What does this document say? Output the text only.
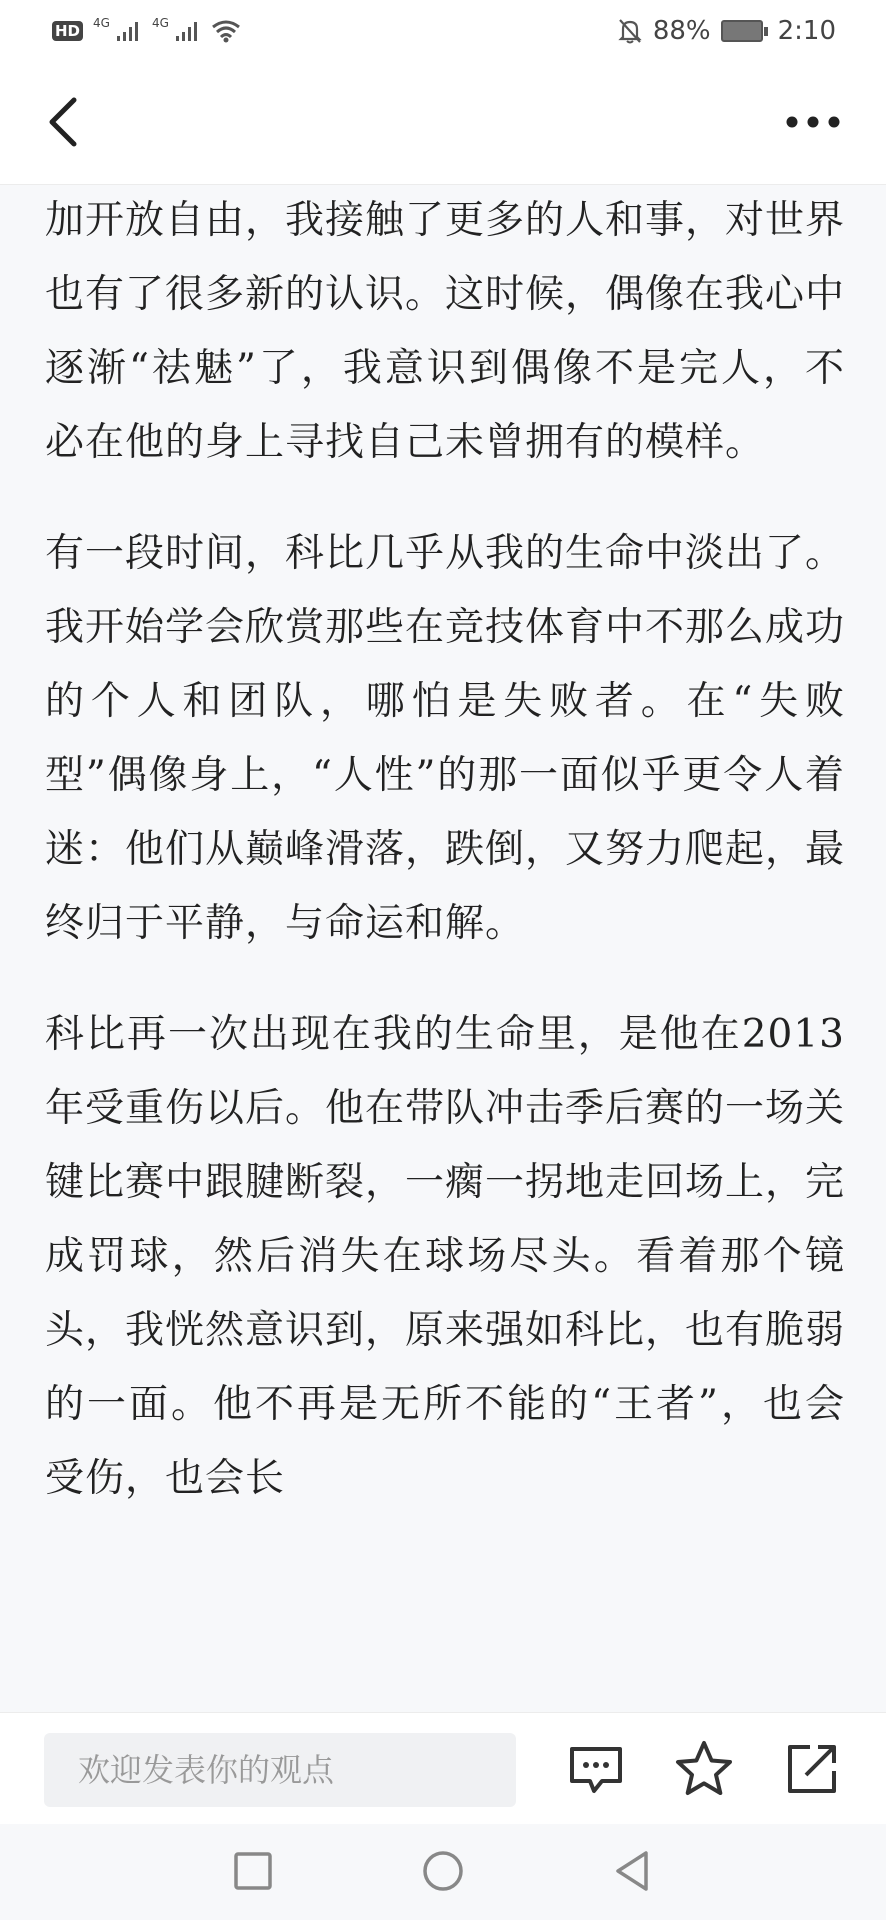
HD 4G	4G	88%	2:10

加开放自由，我接触了更多的人和事，对世界也有了很多新的认识。这时候，偶像在我心中逐渐“祛魅”了，我意识到偶像不是完人，不必在他的身上寻找自己未曾拥有的模样。

有一段时间，科比几乎从我的生命中淡出了。我开始学会欣赏那些在竞技体育中不那么成功的个人和团队，哪怕是失败者。在“失败型”偶像身上，“人性”的那一面似乎更令人着迷：他们从巅峰滑落，跌倒，又努力爬起，最终归于平静，与命运和解。

科比再一次出现在我的生命里，是他在2013年受重伤以后。他在带队冲击季后赛的一场关键比赛中跟腱断裂，一瘸一拐地走回场上，完成罚球，然后消失在球场尽头。看着那个镜头，我恍然意识到，原来强如科比，也有脆弱的一面。他不再是无所不能的“王者”，也会受伤，也会长

欢迎发表你的观点
